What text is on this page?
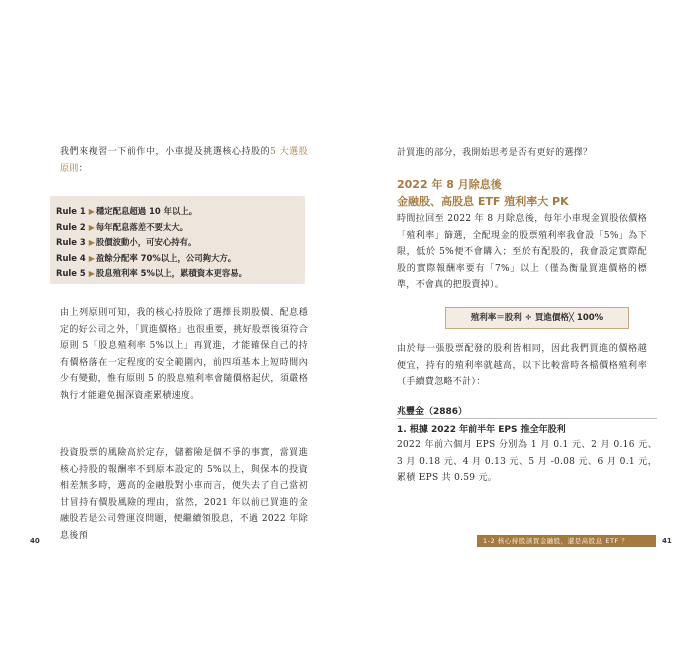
我們來複習一下前作中，小車提及挑選核心持股的5 大選股原則：

Rule 1 ▶穩定配息超過 10 年以上。
Rule 2 ▶每年配息落差不要太大。
Rule 3 ▶股價波動小，可安心持有。
Rule 4 ▶盈餘分配率 70%以上，公司夠大方。
Rule 5 ▶股息殖利率 5%以上，累積資本更容易。

由上列原則可知，我的核心持股除了選擇長期股價、配息穩定的好公司之外，「買進價格」也很重要，挑好股票後須符合原則 5「股息殖利率 5%以上」再買進，才能確保自己的持有價格落在一定程度的安全範圍內，前四項基本上短時間內少有變動，惟有原則 5 的股息殖利率會隨價格起伏，須嚴格執行才能避免掘深資產累積速度。

投資股票的風險高於定存，儲蓄險是個不爭的事實，當買進核心持股的報酬率不到原本設定的 5%以上，與保本的投資相差無多時，選高的金融股對小車而言，便失去了自己當初甘冒持有價股風險的理由，當然，2021 年以前已買進的金融股若是公司營運沒問題，便繼續領股息，不過 2022 年除息後預

40

計買進的部分，我開始思考是否有更好的選擇？

2022 年 8 月除息後
金融股、高股息 ETF 殖利率大 PK

時間拉回至 2022 年 8 月除息後，每年小車現金買股依價格「殖利率」篩選，全配現金的股票殖利率我會設「5%」為下限，低於 5%便不會購入；至於有配股的，我會設定實際配股的實際報酬率要有「7%」以上（僅為衡量買進價格的標準，不會真的把股賣掉）。

殖利率＝股利 ÷ 買進價格╳ 100%

由於每一張股票配發的股利皆相同，因此我們買進的價格越便宜，持有的殖利率就越高，以下比較當時各檔價格殖利率（手續費忽略不計）：

兆豐金（2886）
1. 根據 2022 年前半年 EPS 推全年股利

2022 年前六個月 EPS 分別為 1 月 0.1 元、2 月 0.16 元、3 月 0.18 元、4 月 0.13 元、5 月 -0.08 元、6 月 0.1 元，累積 EPS 共 0.59 元。

1-2 核心持股該買金融股，還是高股息 ETF ？	41
